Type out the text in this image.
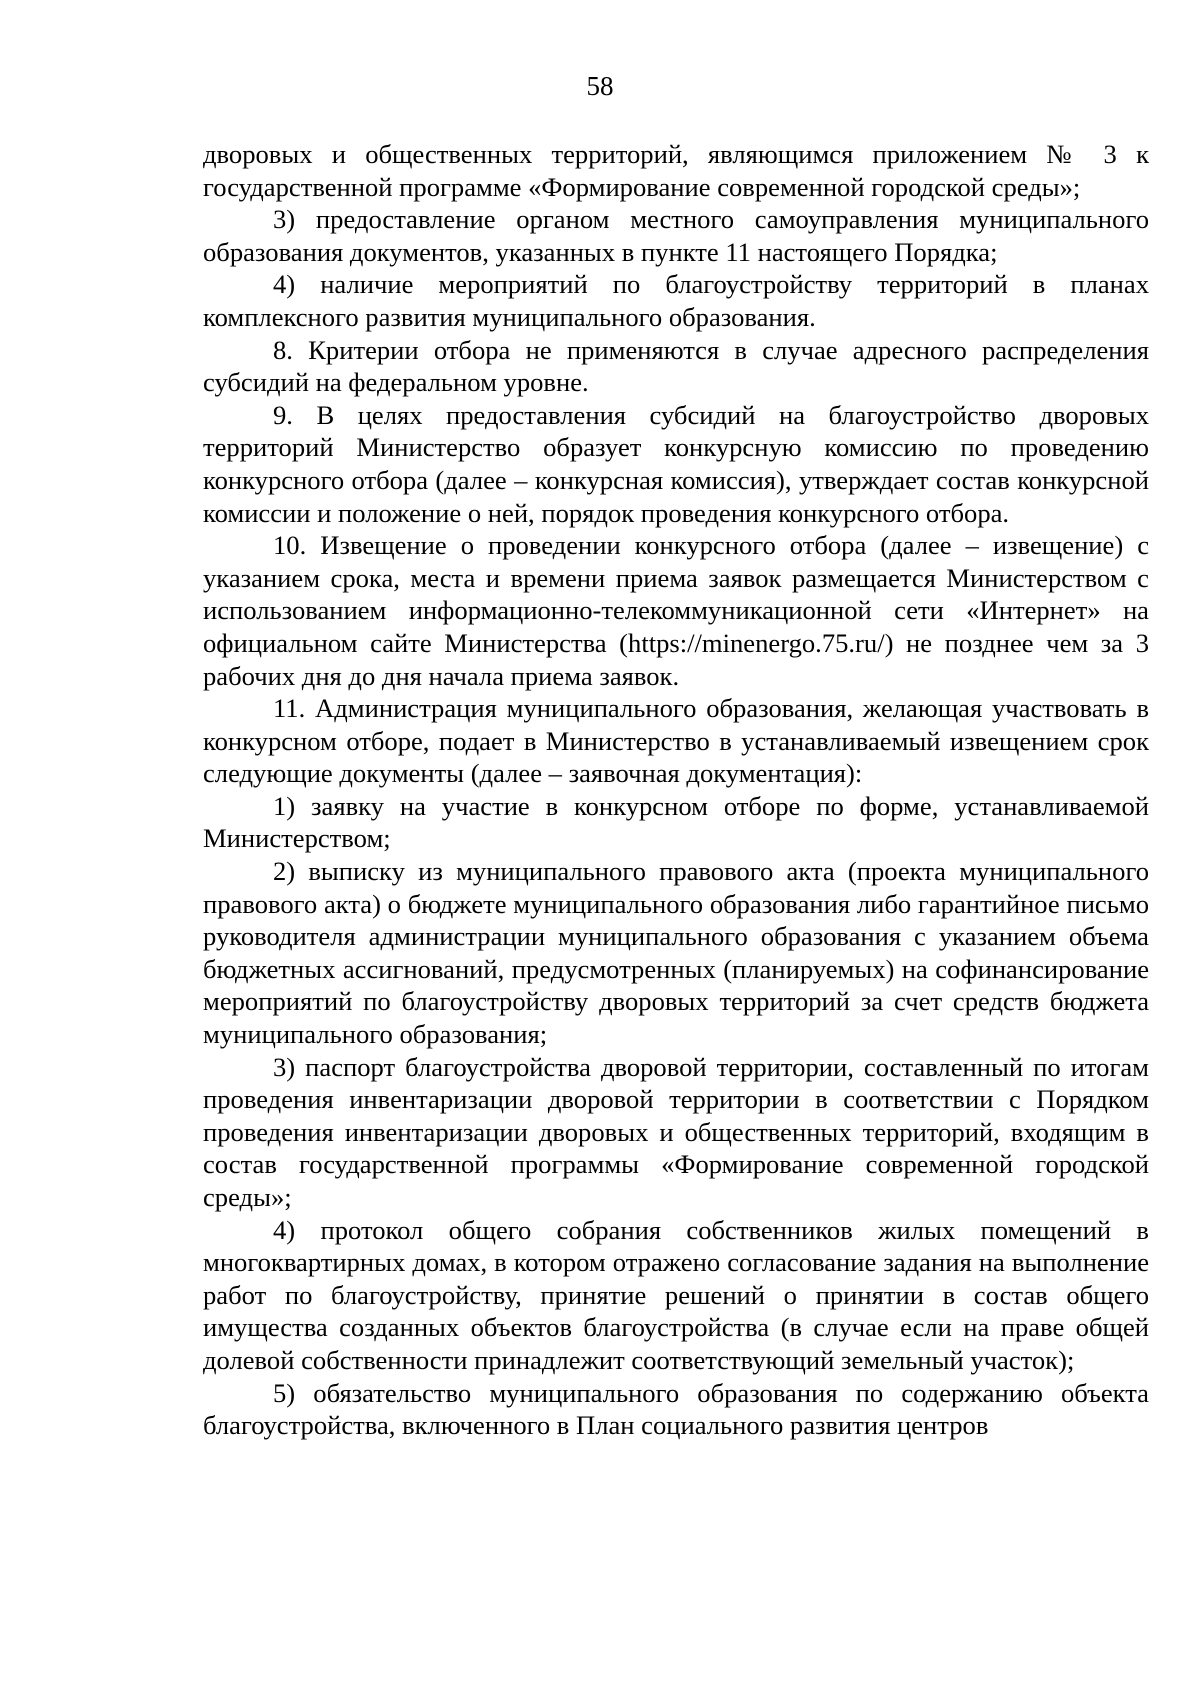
58

дворовых и общественных территорий, являющимся приложением № 3 к государственной программе «Формирование современной городской среды»;

3) предоставление органом местного самоуправления муниципального образования документов, указанных в пункте 11 настоящего Порядка;

4) наличие мероприятий по благоустройству территорий в планах комплексного развития муниципального образования.

8. Критерии отбора не применяются в случае адресного распределения субсидий на федеральном уровне.

9. В целях предоставления субсидий на благоустройство дворовых территорий Министерство образует конкурсную комиссию по проведению конкурсного отбора (далее – конкурсная комиссия), утверждает состав конкурсной комиссии и положение о ней, порядок проведения конкурсного отбора.

10. Извещение о проведении конкурсного отбора (далее – извещение) с указанием срока, места и времени приема заявок размещается Министерством с использованием информационно-телекоммуникационной сети «Интернет» на официальном сайте Министерства (https://minenergo.75.ru/) не позднее чем за 3 рабочих дня до дня начала приема заявок.

11. Администрация муниципального образования, желающая участвовать в конкурсном отборе, подает в Министерство в устанавливаемый извещением срок следующие документы (далее – заявочная документация):

1) заявку на участие в конкурсном отборе по форме, устанавливаемой Министерством;

2) выписку из муниципального правового акта (проекта муниципального правового акта) о бюджете муниципального образования либо гарантийное письмо руководителя администрации муниципального образования с указанием объема бюджетных ассигнований, предусмотренных (планируемых) на софинансирование мероприятий по благоустройству дворовых территорий за счет средств бюджета муниципального образования;

3) паспорт благоустройства дворовой территории, составленный по итогам проведения инвентаризации дворовой территории в соответствии с Порядком проведения инвентаризации дворовых и общественных территорий, входящим в состав государственной программы «Формирование современной городской среды»;

4) протокол общего собрания собственников жилых помещений в многоквартирных домах, в котором отражено согласование задания на выполнение работ по благоустройству, принятие решений о принятии в состав общего имущества созданных объектов благоустройства (в случае если на праве общей долевой собственности принадлежит соответствующий земельный участок);

5) обязательство муниципального образования по содержанию объекта благоустройства, включенного в План социального развития центров
